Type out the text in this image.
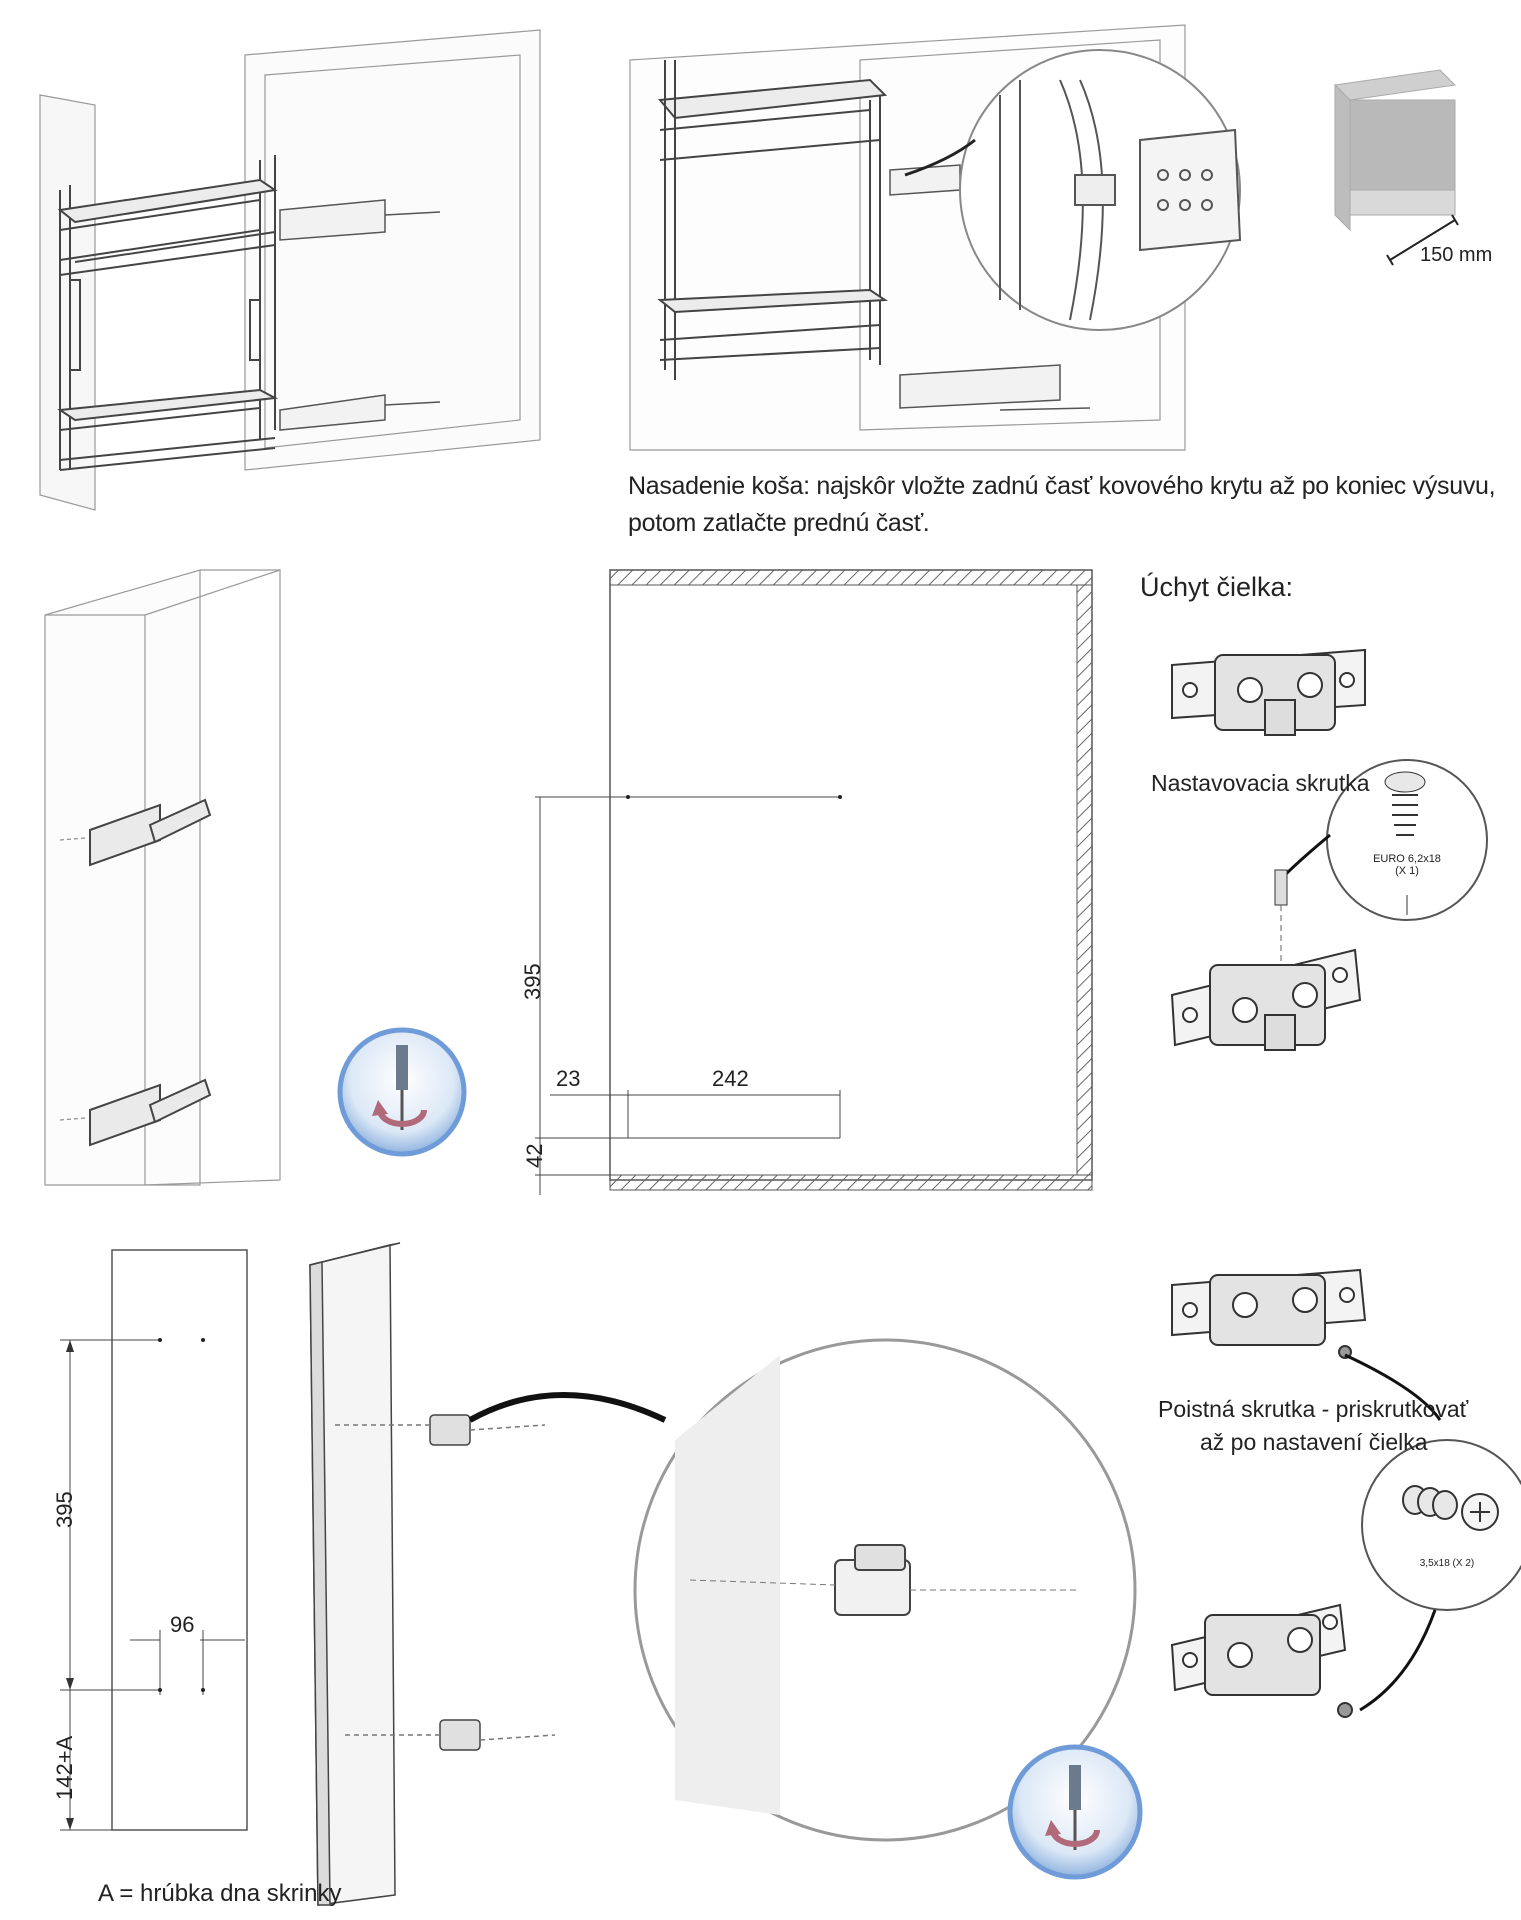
Nasadenie koša: najskôr vložte zadnú časť kovového krytu až po koniec výsuvu,
potom zatlačte prednú časť.
150 mm
Úchyt čielka:
Nastavovacia skrutka
EURO 6,2x18
(X 1)
395
23	242
42
395
96
142+A
Poistná skrutka - priskrutkovať
až po nastavení čielka
3,5x18 (X 2)
A = hrúbka dna skrinky
